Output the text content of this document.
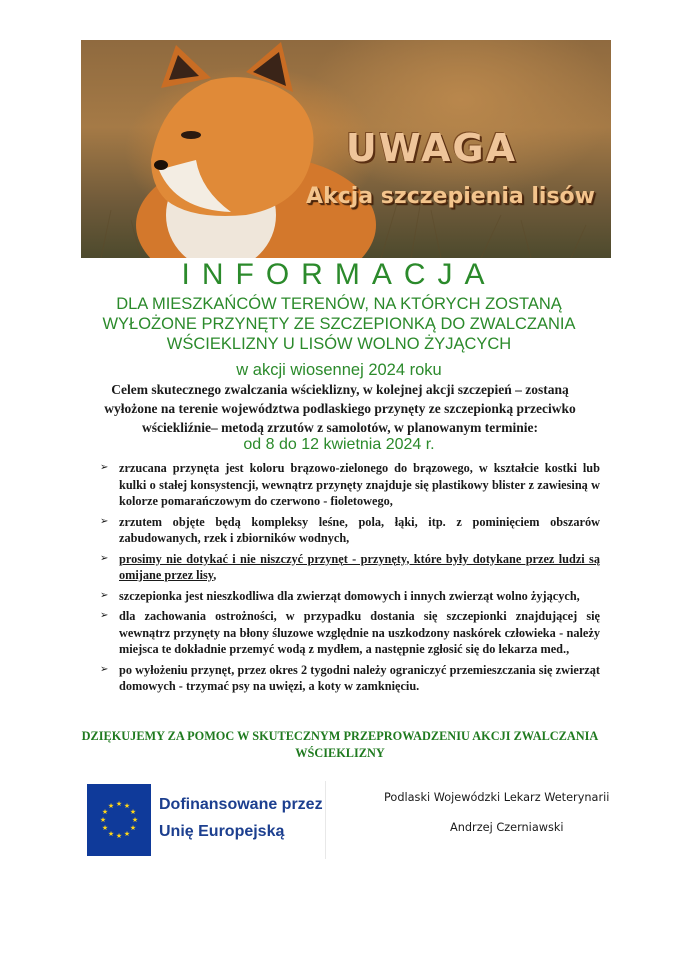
UWAGA
Akcja szczepienia lisów
INFORMACJA
DLA MIESZKAŃCÓW TERENÓW, NA KTÓRYCH ZOSTANĄ
WYŁOŻONE PRZYNĘTY ZE SZCZEPIONKĄ DO ZWALCZANIA
WŚCIEKLIZNY U LISÓW WOLNO ŻYJĄCYCH
w akcji wiosennej 2024 roku
Celem skutecznego zwalczania wścieklizny, w kolejnej akcji szczepień – zostaną wyłożone na terenie województwa podlaskiego przynęty ze szczepionką przeciwko wściekliźnie– metodą zrzutów z samolotów, w planowanym terminie:
od 8 do 12 kwietnia 2024 r.
➢ zrzucana przynęta jest koloru brązowo-zielonego do brązowego, w kształcie kostki lub kulki o stałej konsystencji, wewnątrz przynęty znajduje się plastikowy blister z zawiesiną w kolorze pomarańczowym do czerwono - fioletowego,
➢ zrzutem objęte będą kompleksy leśne, pola, łąki, itp. z pominięciem obszarów zabudowanych, rzek i zbiorników wodnych,
➢ prosimy nie dotykać i nie niszczyć przynęt - przynęty, które były dotykane przez ludzi są omijane przez lisy,
➢ szczepionka jest nieszkodliwa dla zwierząt domowych i innych zwierząt wolno żyjących,
➢ dla zachowania ostrożności, w przypadku dostania się szczepionki znajdującej się wewnątrz przynęty na błony śluzowe względnie na uszkodzony naskórek człowieka - należy miejsca te dokładnie przemyć wodą z mydłem, a następnie zgłosić się do lekarza med.,
➢ po wyłożeniu przynęt, przez okres 2 tygodni należy ograniczyć przemieszczania się zwierząt domowych - trzymać psy na uwięzi, a koty w zamknięciu.
DZIĘKUJEMY ZA POMOC W SKUTECZNYM PRZEPROWADZENIU AKCJI ZWALCZANIA WŚCIEKLIZNY
★ ★
★
★
★
★
★
★
★
★
★
★	Dofinansowane przez
Unię Europejską
Podlaski Wojewódzki Lekarz Weterynarii
Andrzej Czerniawski
